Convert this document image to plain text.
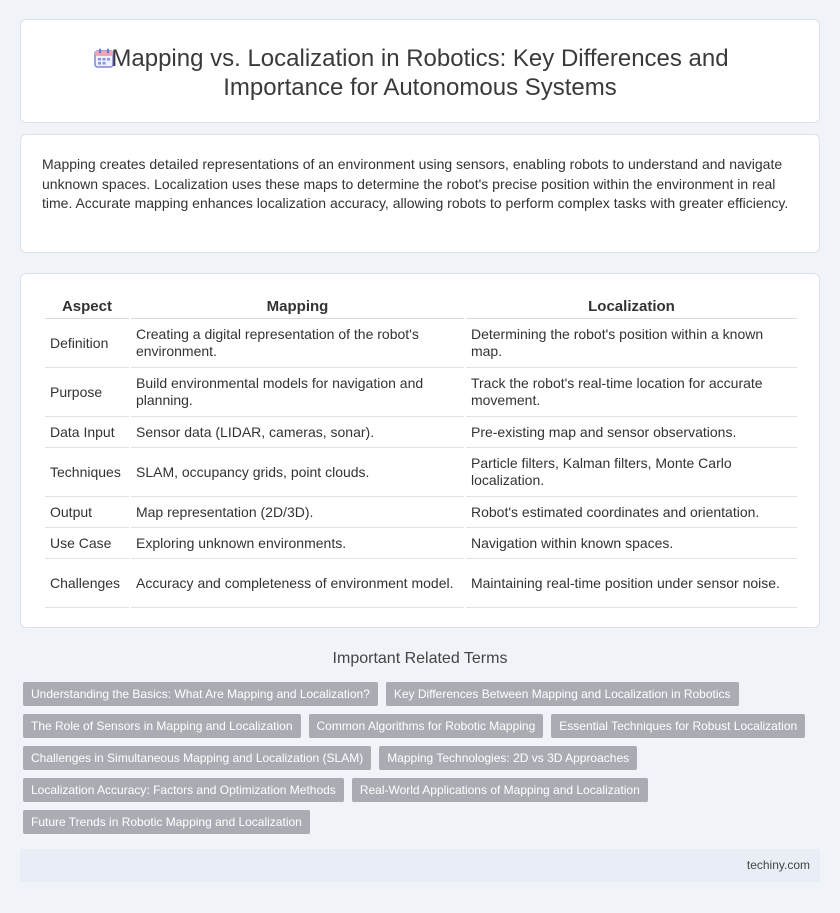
Mapping vs. Localization in Robotics: Key Differences and Importance for Autonomous Systems

Mapping creates detailed representations of an environment using sensors, enabling robots to understand and navigate unknown spaces. Localization uses these maps to determine the robot's precise position within the environment in real time. Accurate mapping enhances localization accuracy, allowing robots to perform complex tasks with greater efficiency.

Aspect	Mapping	Localization
Definition	Creating a digital representation of the robot's environment.	Determining the robot's position within a known map.
Purpose	Build environmental models for navigation and planning.	Track the robot's real-time location for accurate movement.
Data Input	Sensor data (LIDAR, cameras, sonar).	Pre-existing map and sensor observations.
Techniques	SLAM, occupancy grids, point clouds.	Particle filters, Kalman filters, Monte Carlo localization.
Output	Map representation (2D/3D).	Robot's estimated coordinates and orientation.
Use Case	Exploring unknown environments.	Navigation within known spaces.
Challenges	Accuracy and completeness of environment model.	Maintaining real-time position under sensor noise.
Important Related Terms
Understanding the Basics: What Are Mapping and Localization?	Key Differences Between Mapping and Localization in Robotics
The Role of Sensors in Mapping and Localization	Common Algorithms for Robotic Mapping	Essential Techniques for Robust Localization
Challenges in Simultaneous Mapping and Localization (SLAM)	Mapping Technologies: 2D vs 3D Approaches
Localization Accuracy: Factors and Optimization Methods	Real-World Applications of Mapping and Localization
Future Trends in Robotic Mapping and Localization
techiny.com
